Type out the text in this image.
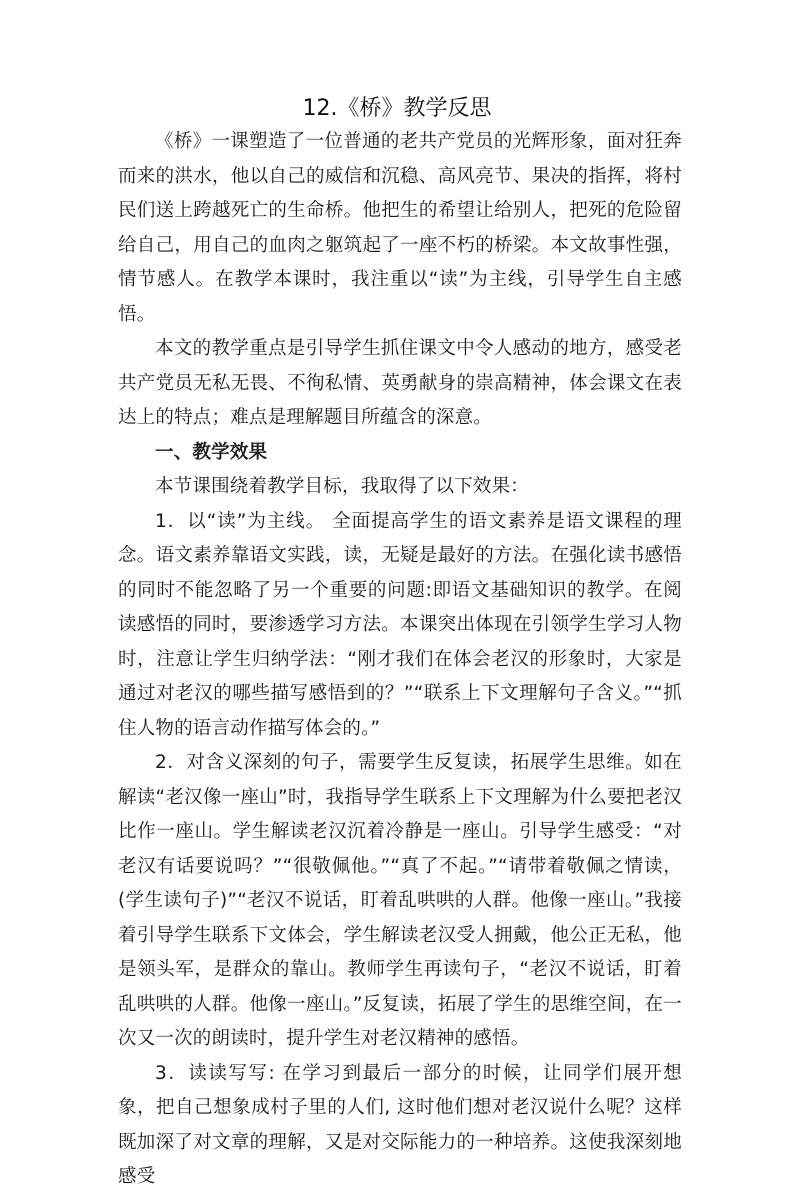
12.《桥》教学反思

《桥》一课塑造了一位普通的老共产党员的光辉形象，面对狂奔而来的洪水，他以自己的威信和沉稳、高风亮节、果决的指挥，将村民们送上跨越死亡的生命桥。他把生的希望让给别人，把死的危险留给自己，用自己的血肉之躯筑起了一座不朽的桥梁。本文故事性强，情节感人。在教学本课时，我注重以“读”为主线，引导学生自主感悟。

本文的教学重点是引导学生抓住课文中令人感动的地方，感受老共产党员无私无畏、不徇私情、英勇献身的崇高精神，体会课文在表达上的特点；难点是理解题目所蕴含的深意。

一、教学效果

本节课围绕着教学目标，我取得了以下效果：

1．以“读”为主线。 全面提高学生的语文素养是语文课程的理念。语文素养靠语文实践，读，无疑是最好的方法。在强化读书感悟的同时不能忽略了另一个重要的问题:即语文基础知识的教学。在阅读感悟的同时，要渗透学习方法。本课突出体现在引领学生学习人物时，注意让学生归纳学法：“刚才我们在体会老汉的形象时，大家是通过对老汉的哪些描写感悟到的？”“联系上下文理解句子含义。”“抓住人物的语言动作描写体会的。”

2．对含义深刻的句子，需要学生反复读，拓展学生思维。如在解读“老汉像一座山”时，我指导学生联系上下文理解为什么要把老汉比作一座山。学生解读老汉沉着冷静是一座山。引导学生感受：“对老汉有话要说吗？”“很敬佩他。”“真了不起。”“请带着敬佩之情读，(学生读句子)”“老汉不说话，盯着乱哄哄的人群。他像一座山。”我接着引导学生联系下文体会，学生解读老汉受人拥戴，他公正无私，他是领头军，是群众的靠山。教师学生再读句子，“老汉不说话，盯着乱哄哄的人群。他像一座山。”反复读，拓展了学生的思维空间，在一次又一次的朗读时，提升学生对老汉精神的感悟。

3．读读写写: 在学习到最后一部分的时候，让同学们展开想象，把自己想象成村子里的人们, 这时他们想对老汉说什么呢？这样既加深了对文章的理解，又是对交际能力的一种培养。这使我深刻地感受
